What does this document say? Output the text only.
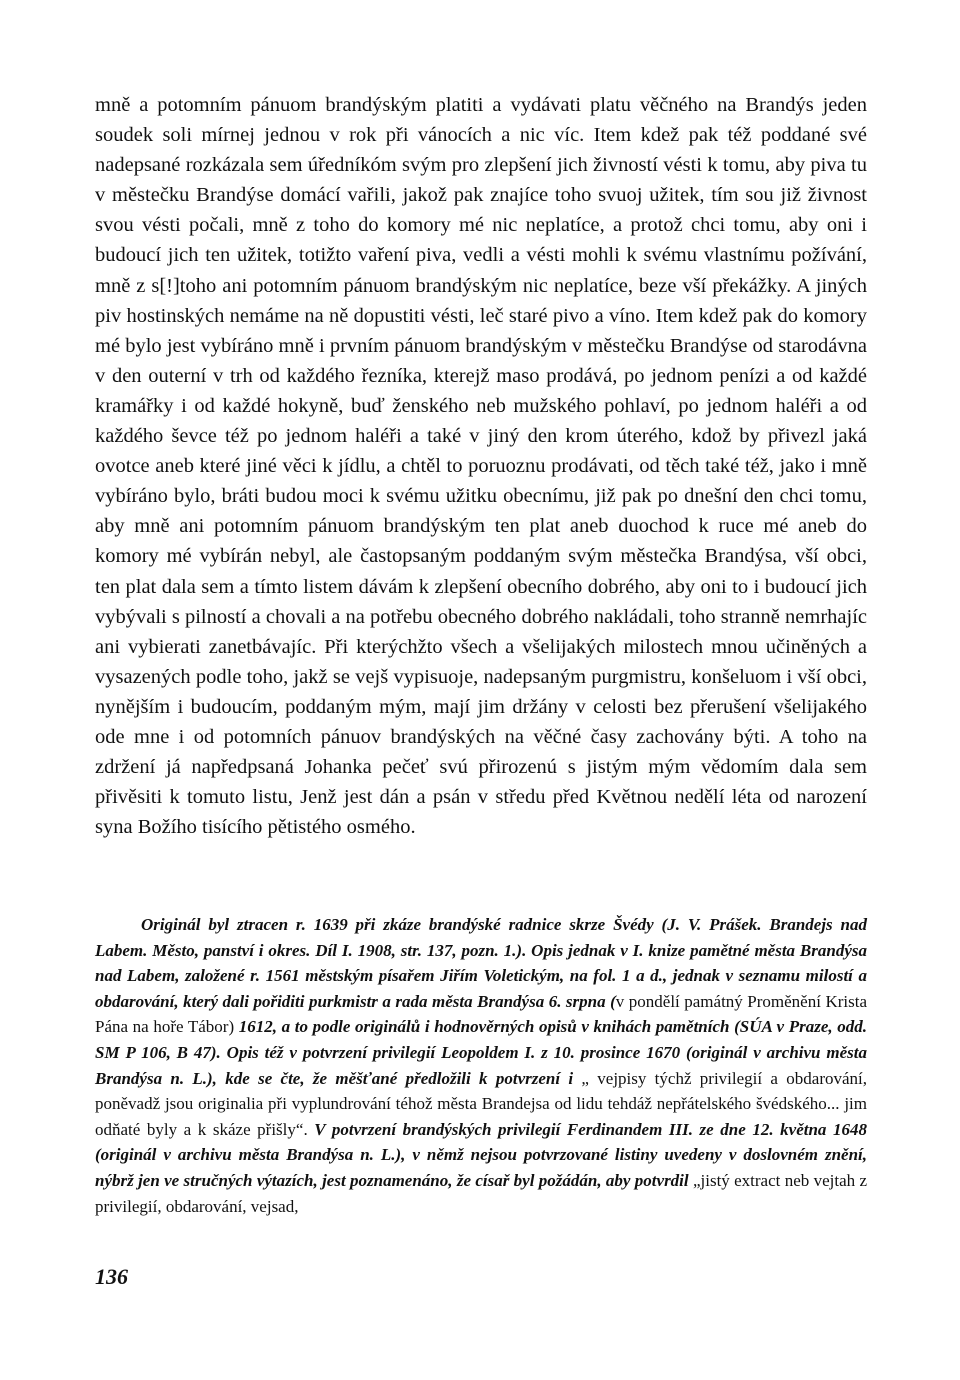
mně a potomním pánuom brandýským platiti a vydávati platu věčného na Brandýs jeden soudek soli mírnej jednou v rok při vánocích a nic víc. Item kdež pak též poddané své nadepsané rozkázala sem úředníkóm svým pro zlepšení jich živností vésti k tomu, aby piva tu v městečku Brandýse domácí vařili, jakož pak znajíce toho svuoj užitek, tím sou již živnost svou vésti počali, mně z toho do komory mé nic neplatíce, a protož chci tomu, aby oni i budoucí jich ten užitek, totižto vaření piva, vedli a vésti mohli k svému vlastnímu požívání, mně z s[!]toho ani potomním pánuom brandýským nic neplatíce, beze vší překážky. A jiných piv hostinských nemáme na ně dopustiti vésti, leč staré pivo a víno. Item kdež pak do komory mé bylo jest vybíráno mně i prvním pánuom brandýským v městečku Brandýse od starodávna v den outerní v trh od každého řezníka, kterejž maso prodává, po jednom penízi a od každé kramářky i od každé hokyně, buď ženského neb mužského pohlaví, po jednom haléři a od každého ševce též po jednom haléři a také v jiný den krom úterého, kdož by přivezl jaká ovotce aneb které jiné věci k jídlu, a chtěl to poruoznu prodávati, od těch také též, jako i mně vybíráno bylo, bráti budou moci k svému užitku obecnímu, již pak po dnešní den chci tomu, aby mně ani potomním pánuom brandýským ten plat aneb duochod k ruce mé aneb do komory mé vybírán nebyl, ale častopsaným poddaným svým městečka Brandýsa, vší obci, ten plat dala sem a tímto listem dávám k zlepšení obecního dobrého, aby oni to i budoucí jich vybývali s pilností a chovali a na potřebu obecného dobrého nakládali, toho stranně nemrhajíc ani vybierati zanetbávajíc. Při kterýchžto všech a všelijakých milostech mnou učiněných a vysazených podle toho, jakž se vejš vypisuoje, nadepsaným purgmistru, konšeluom i vší obci, nynějším i budoucím, poddaným mým, mají jim držány v celosti bez přerušení všelijakého ode mne i od potomních pánuov brandýských na věčné časy zachovány býti. A toho na zdržení já napředpsaná Johanka pečeť svú přirozenú s jistým mým vědomím dala sem přivěsiti k tomuto listu, Jenž jest dán a psán v středu před Květnou nedělí léta od narození syna Božího tisícího pětistého osmého.

Originál byl ztracen r. 1639 při zkáze brandýské radnice skrze Švédy (J. V. Prášek. Brandejs nad Labem. Město, panství i okres. Díl I. 1908, str. 137, pozn. 1.). Opis jednak v I. knize pamětné města Brandýsa nad Labem, založené r. 1561 městským písařem Jiřím Voletickým, na fol. 1 a d., jednak v seznamu milostí a obdarování, který dali pořiditi purkmistr a rada města Brandýsa 6. srpna (v pondělí památný Proměnění Krista Pána na hoře Tábor) 1612, a to podle originálů i hodnověrných opisů v knihách pamětních (SÚA v Praze, odd. SM P 106, B 47). Opis též v potvrzení privilegií Leopoldem I. z 10. prosince 1670 (originál v archivu města Brandýsa n. L.), kde se čte, že měšťané předložili k potvrzení i „ vejpisy týchž privilegií a obdarování, poněvadž jsou originalia při vyplundrování téhož města Brandejsa od lidu tehdáž nepřátelského švédského... jim odňaté byly a k skáze přišly“. V potvrzení brandýských privilegií Ferdinandem III. ze dne 12. května 1648 (originál v archivu města Brandýsa n. L.), v němž nejsou potvrzované listiny uvedeny v doslovném znění, nýbrž jen ve stručných výtazích, jest poznamenáno, že císař byl požádán, aby potvrdil „jistý extract neb vejtah z privilegií, obdarování, vejsad,

136
